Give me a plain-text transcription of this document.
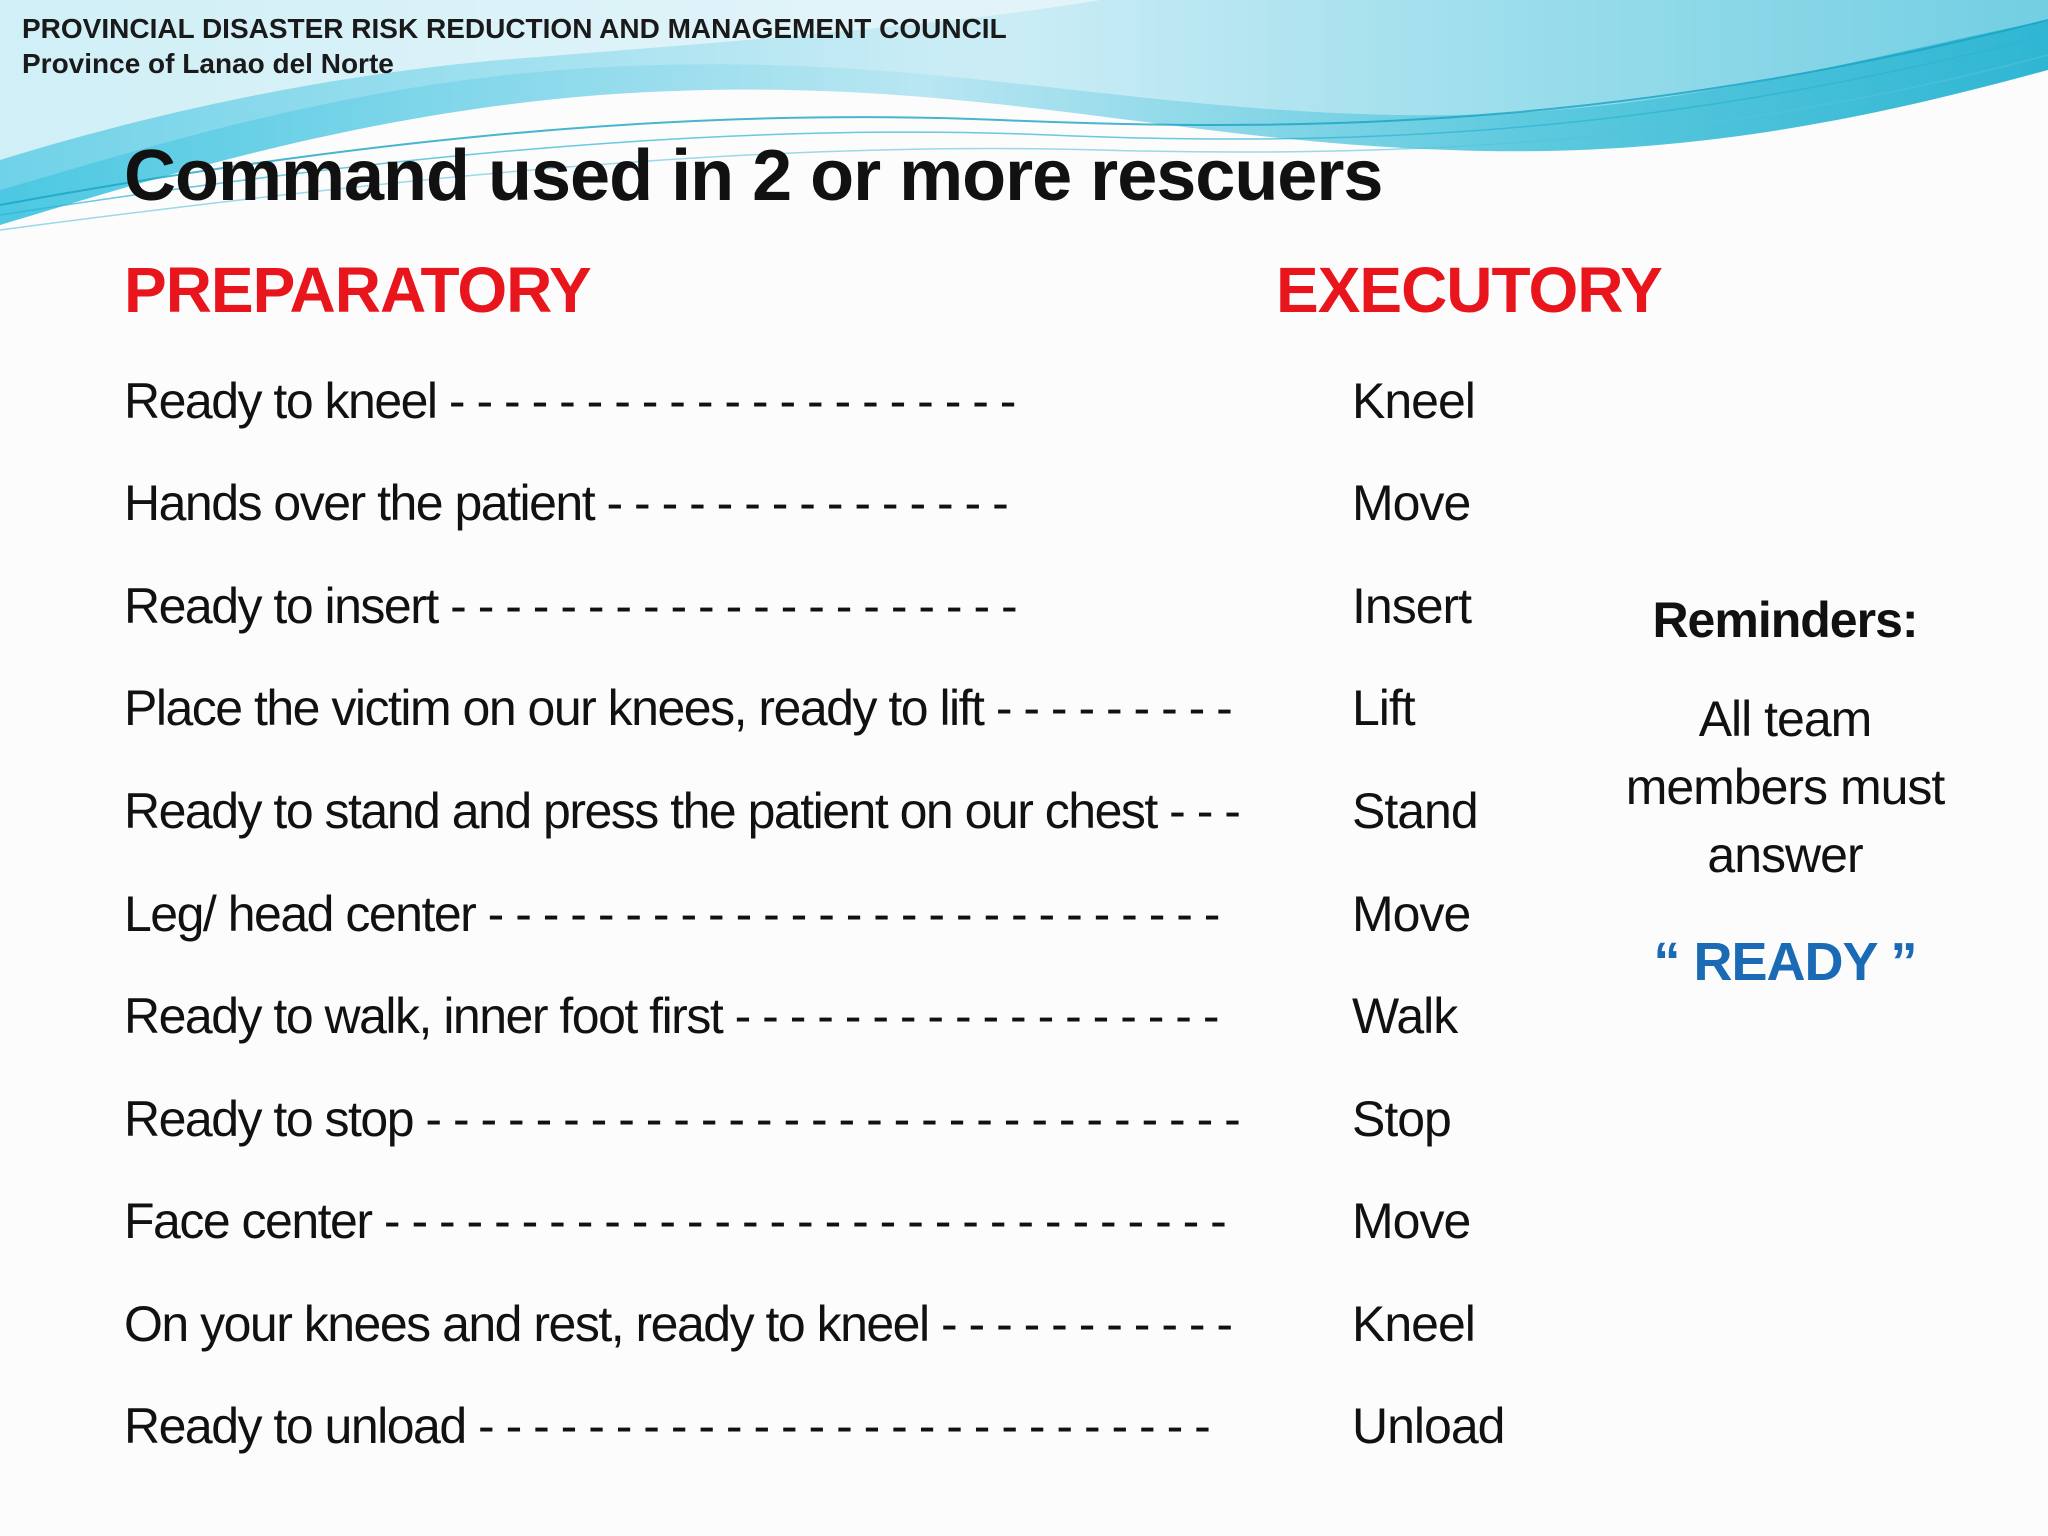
PROVINCIAL DISASTER RISK REDUCTION AND MANAGEMENT COUNCIL
Province of Lanao del Norte
Command used in 2 or more rescuers
PREPARATORY	EXECUTORY
Ready to kneel - - - - - - - - - - - - - - - - - - - - -	Kneel
Hands over the patient - - - - - - - - - - - - - - -	Move
Ready to insert - - - - - - - - - - - - - - - - - - - - -	Insert
Place the victim on our knees, ready to lift - - - - - - - - - Lift
Ready to stand and press the patient on our chest - - - Stand
Leg/ head center - - - - - - - - - - - - - - - - - - - - - - - - - - -	Move
Ready to walk, inner foot first - - - - - - - - - - - - - - - - - -	Walk
Ready to stop - - - - - - - - - - - - - - - - - - - - - - - - - - - - - - Stop
Face center - - - - - - - - - - - - - - - - - - - - - - - - - - - - - - -	Move
On your knees and rest, ready to kneel - - - - - - - - - - - Kneel
Ready to unload - - - - - - - - - - - - - - - - - - - - - - - - - - -	Unload
Reminders:
All team members must answer
“ READY ”
